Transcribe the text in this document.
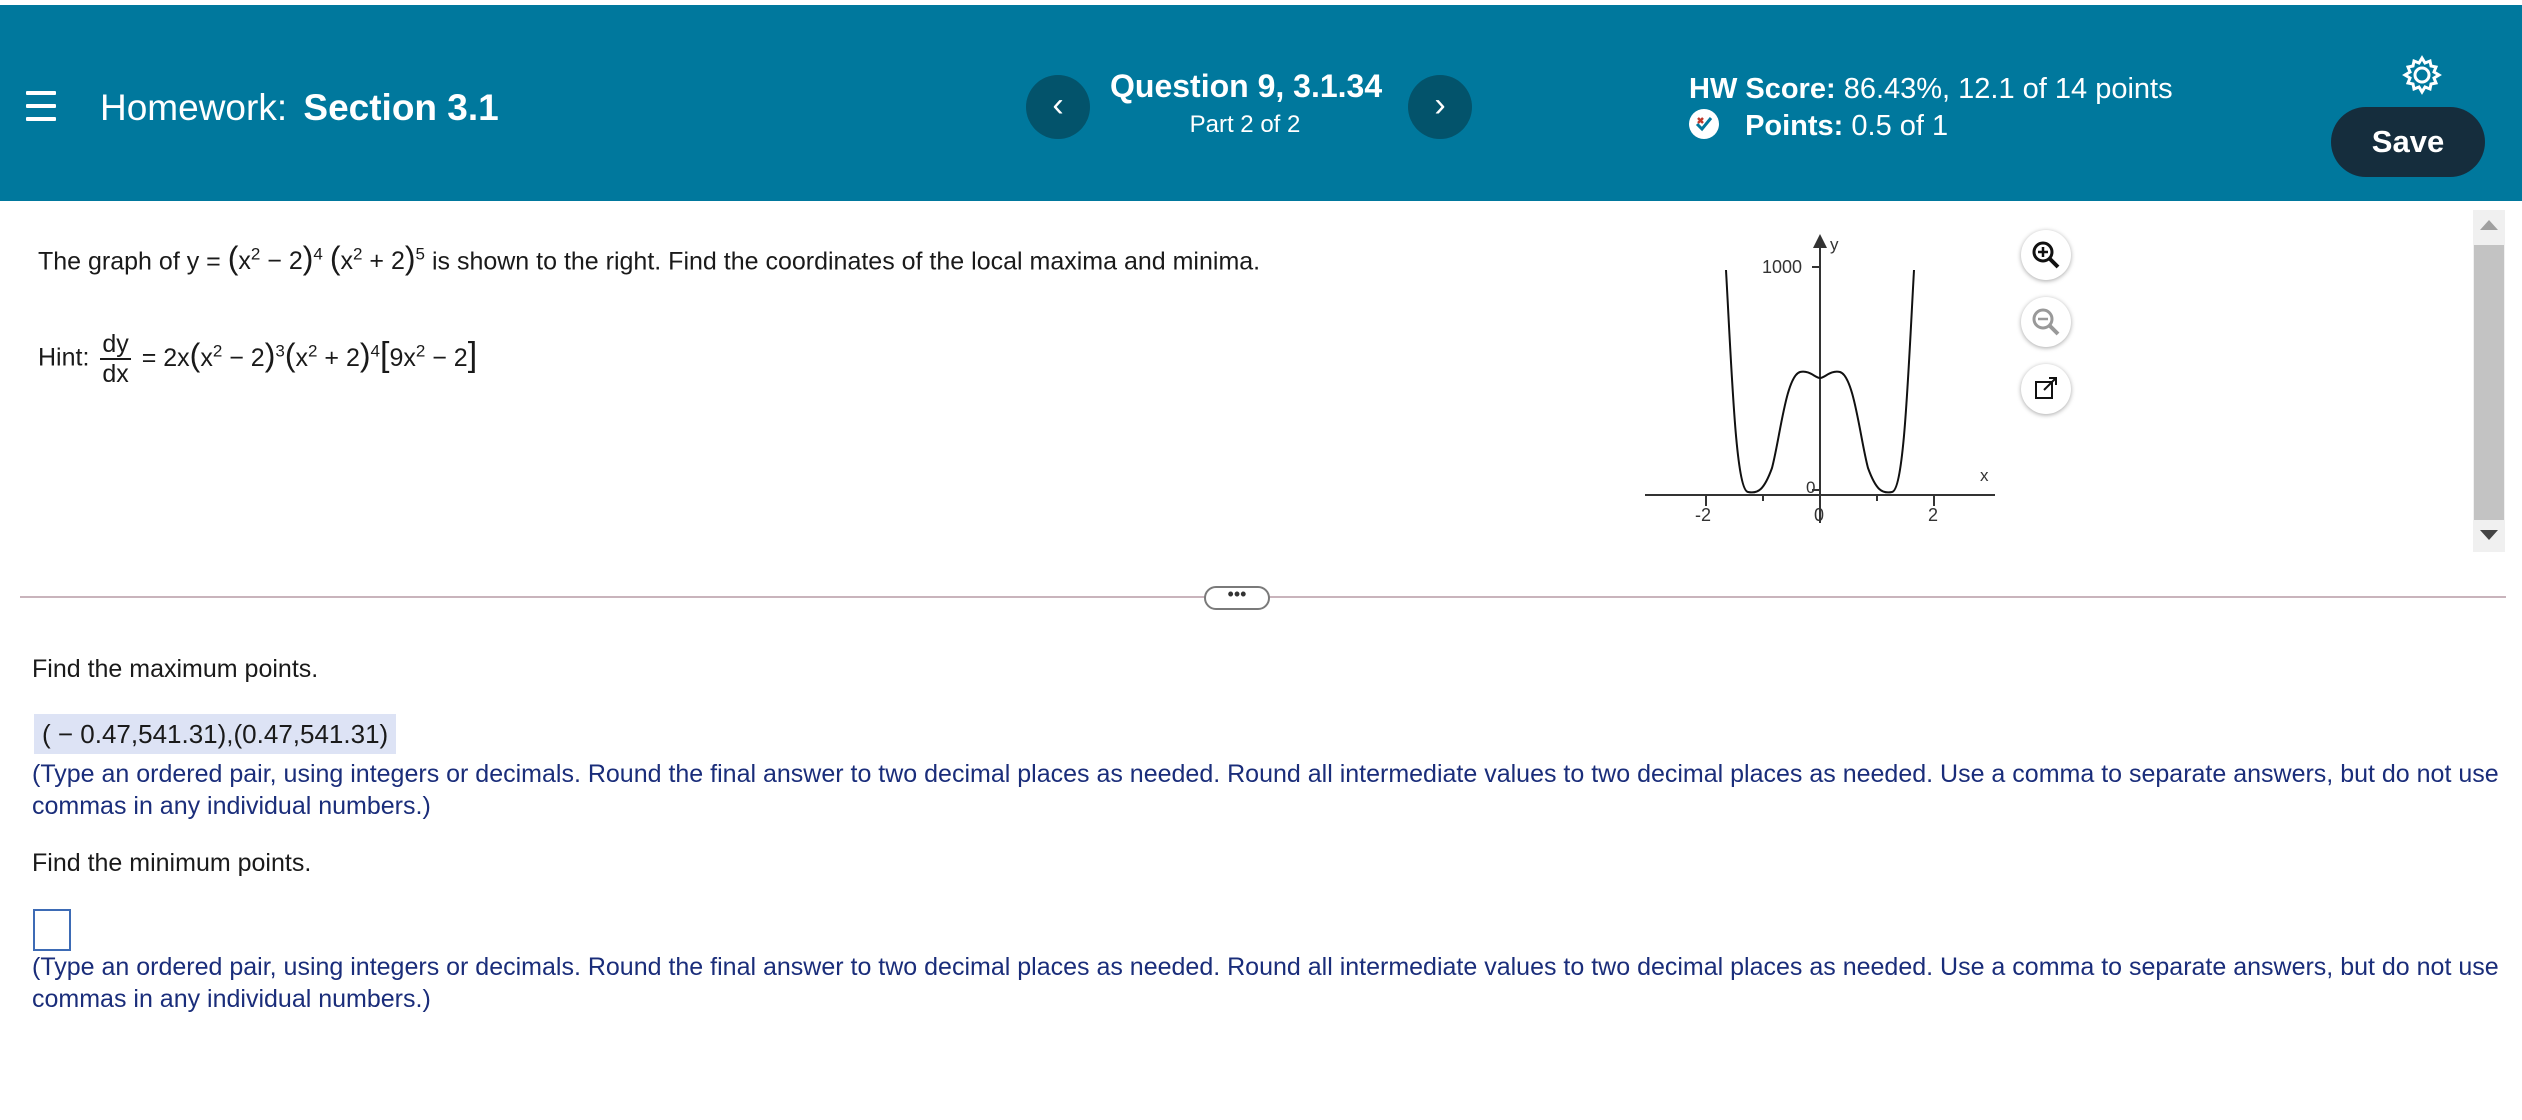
Homework: Section 3.1	‹	Question 9, 3.1.34
Part 2 of 2
›	HW Score: 86.43%, 12.1 of 14 points
Points: 0.5 of 1	Save
The graph of $y = (x^2 - 2)^4$ $(x^2 + 2)^5$ is shown to the right. Find the coordinates of the local maxima and minima.
Hint: $\frac{dy}{dx} = 2x(x^2 - 2)^3(x^2 + 2)^4[9x^2 - 2]$
y
x
1000
0
-2	0	2
•••
Find the maximum points.
( − 0.47,541.31),(0.47,541.31)
(Type an ordered pair, using integers or decimals. Round the final answer to two decimal places as needed. Round all intermediate values to two decimal places as needed. Use a comma to separate answers, but do not use commas in any individual numbers.)
Find the minimum points.
(Type an ordered pair, using integers or decimals. Round the final answer to two decimal places as needed. Round all intermediate values to two decimal places as needed. Use a comma to separate answers, but do not use commas in any individual numbers.)
